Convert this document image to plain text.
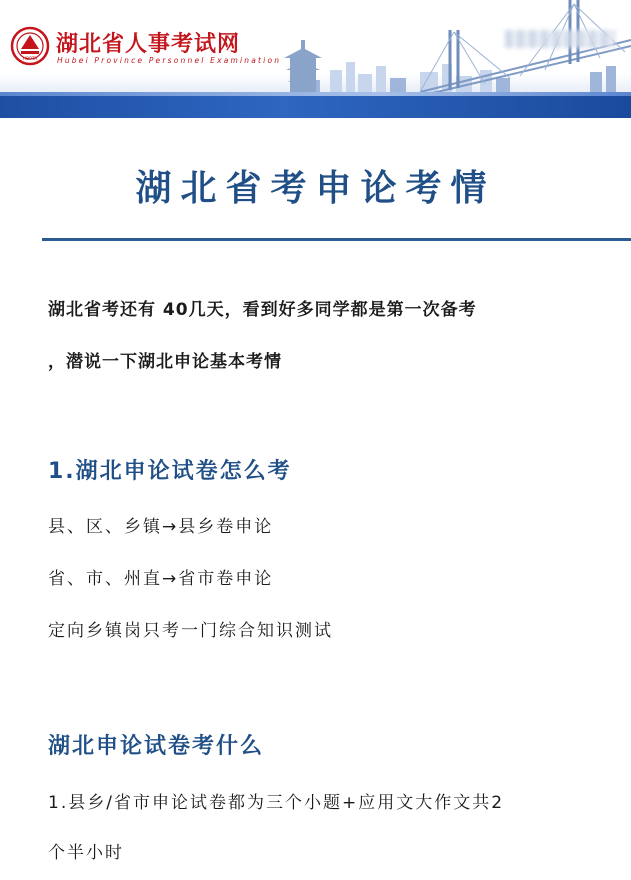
HBPTA
湖北省人事考试网
Hubei Province Personnel Examination
湖北省考申论考情
湖北省考还有 40几天，看到好多同学都是第一次备考
，潜说一下湖北申论基本考情
1.湖北申论试卷怎么考
县、区、乡镇→县乡卷申论
省、市、州直→省市卷申论
定向乡镇岗只考一门综合知识测试
湖北申论试卷考什么
1.县乡/省市申论试卷都为三个小题+应用文大作文共2
个半小时
